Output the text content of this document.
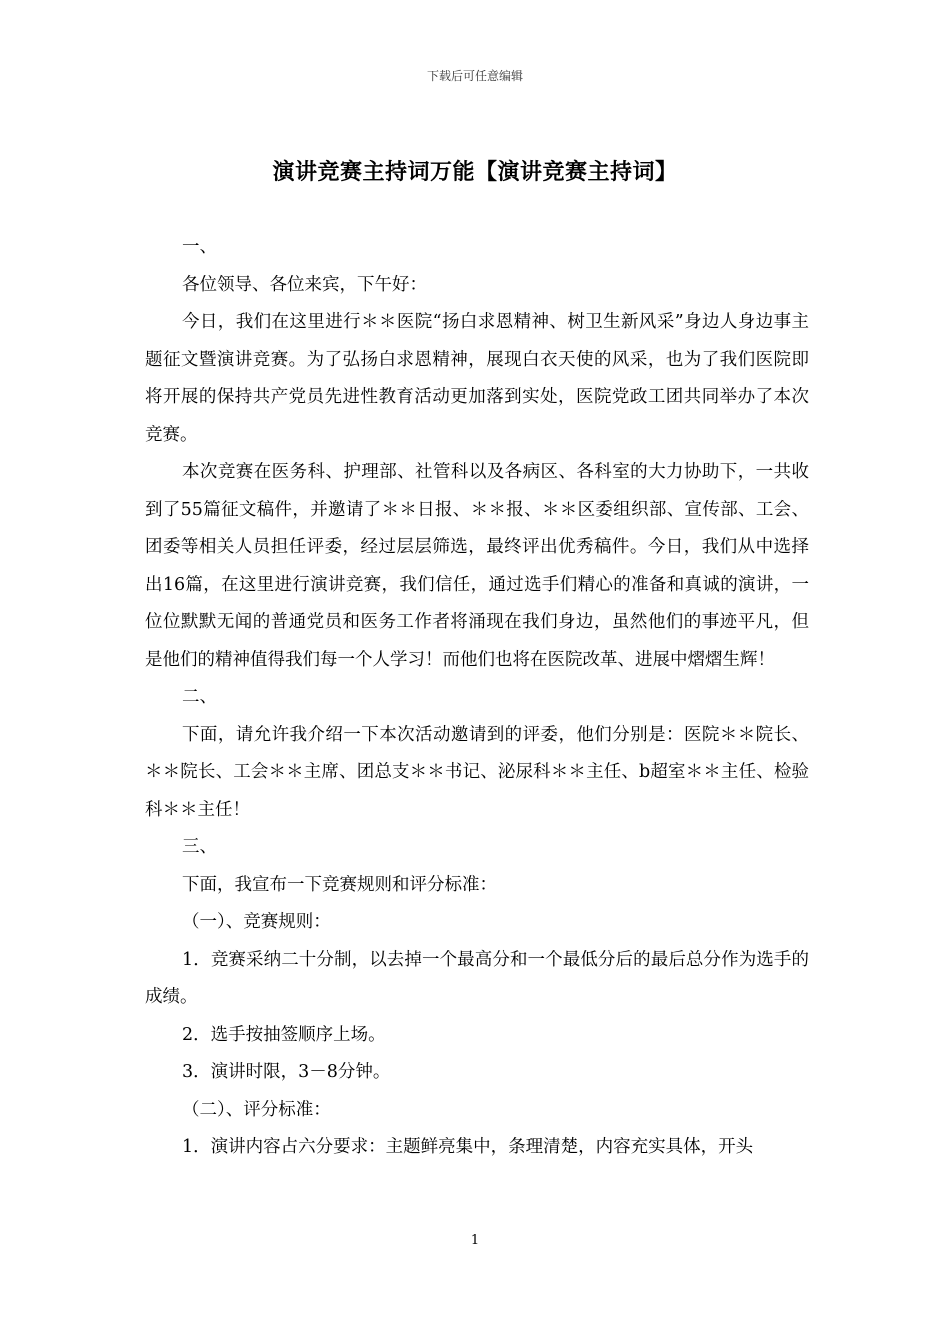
下载后可任意编辑
演讲竞赛主持词万能【演讲竞赛主持词】

一、

各位领导、各位来宾，下午好：

今日，我们在这里进行＊＊医院“扬白求恩精神、树卫生新风采”身边人身边事主题征文暨演讲竞赛。为了弘扬白求恩精神，展现白衣天使的风采，也为了我们医院即将开展的保持共产党员先进性教育活动更加落到实处，医院党政工团共同举办了本次竞赛。

本次竞赛在医务科、护理部、社管科以及各病区、各科室的大力协助下，一共收到了55篇征文稿件，并邀请了＊＊日报、＊＊报、＊＊区委组织部、宣传部、工会、团委等相关人员担任评委，经过层层筛选，最终评出优秀稿件。今日，我们从中选择出16篇，在这里进行演讲竞赛，我们信任，通过选手们精心的准备和真诚的演讲，一位位默默无闻的普通党员和医务工作者将涌现在我们身边，虽然他们的事迹平凡，但是他们的精神值得我们每一个人学习！而他们也将在医院改革、进展中熠熠生辉！

二、

下面，请允许我介绍一下本次活动邀请到的评委，他们分别是：医院＊＊院长、＊＊院长、工会＊＊主席、团总支＊＊书记、泌尿科＊＊主任、b超室＊＊主任、检验科＊＊主任！

三、

下面，我宣布一下竞赛规则和评分标准：

（一）、竞赛规则：

1．竞赛采纳二十分制，以去掉一个最高分和一个最低分后的最后总分作为选手的成绩。

2．选手按抽签顺序上场。

3．演讲时限，3－8分钟。

（二）、评分标准：

1．演讲内容占六分要求：主题鲜亮集中，条理清楚，内容充实具体，开头

1
